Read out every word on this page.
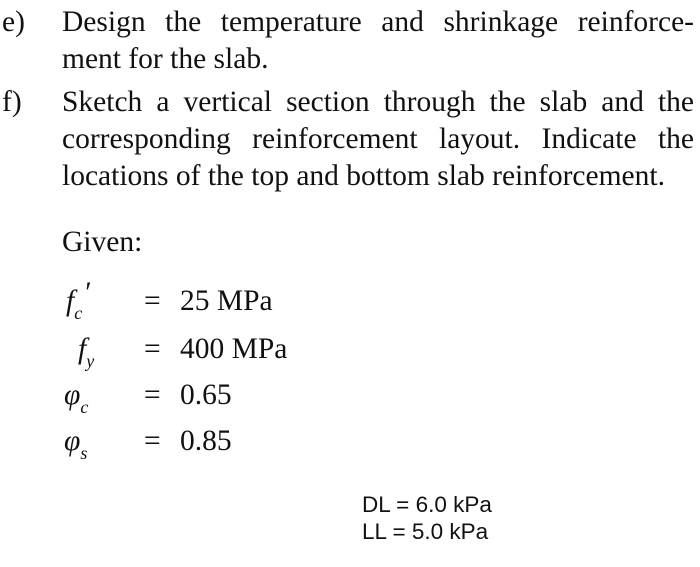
e) Design the temperature and shrinkage reinforce-
ment for the slab.
f) Sketch a vertical section through the slab and the
corresponding reinforcement layout. Indicate the
locations of the top and bottom slab reinforcement.
Given:
$f_c' = 25$ MPa
$f_y = 400$ MPa
$\varphi_c = 0.65$
$\varphi_s = 0.85$
DL = 6.0 kPa
LL = 5.0 kPa
